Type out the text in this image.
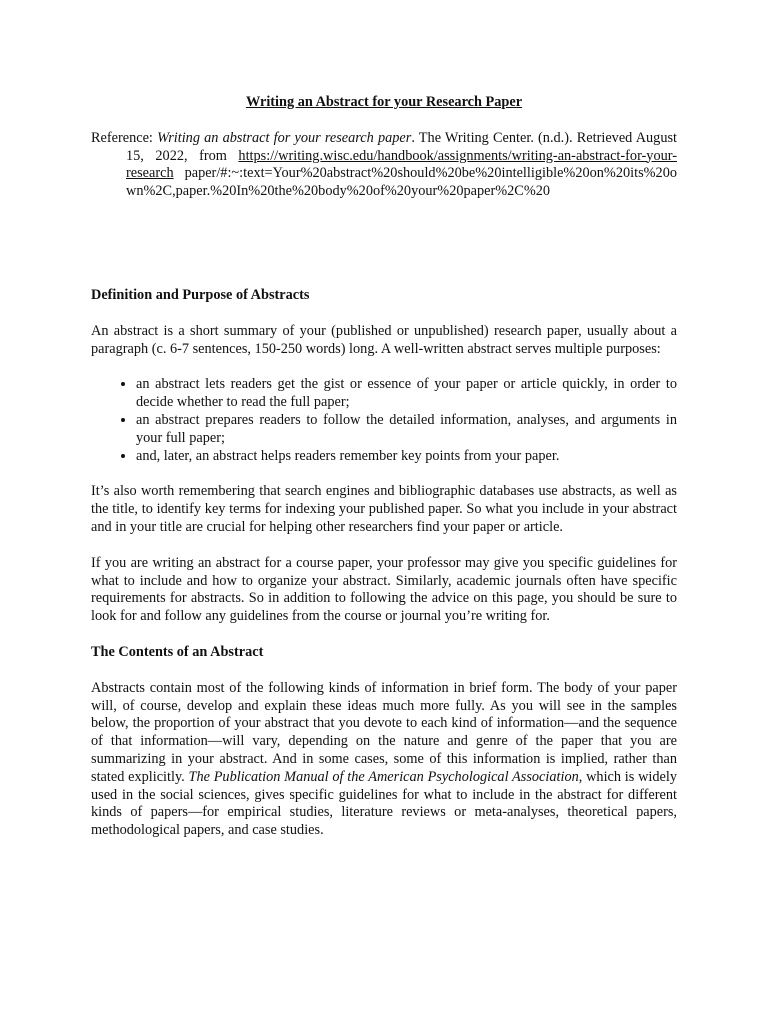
Writing an Abstract for your Research Paper

Reference: Writing an abstract for your research paper. The Writing Center. (n.d.). Retrieved August 15, 2022, from https://writing.wisc.edu/handbook/assignments/writing-an-abstract-for-your-research paper/#:~:text=Your%20abstract%20should%20be%20intelligible%20on%20its%20own%2C,paper.%20In%20the%20body%20of%20your%20paper%2C%20

Definition and Purpose of Abstracts

An abstract is a short summary of your (published or unpublished) research paper, usually about a paragraph (c. 6-7 sentences, 150-250 words) long. A well-written abstract serves multiple purposes:

• an abstract lets readers get the gist or essence of your paper or article quickly, in order to decide whether to read the full paper;
• an abstract prepares readers to follow the detailed information, analyses, and arguments in your full paper;
• and, later, an abstract helps readers remember key points from your paper.

It’s also worth remembering that search engines and bibliographic databases use abstracts, as well as the title, to identify key terms for indexing your published paper. So what you include in your abstract and in your title are crucial for helping other researchers find your paper or article.

If you are writing an abstract for a course paper, your professor may give you specific guidelines for what to include and how to organize your abstract. Similarly, academic journals often have specific requirements for abstracts. So in addition to following the advice on this page, you should be sure to look for and follow any guidelines from the course or journal you’re writing for.

The Contents of an Abstract

Abstracts contain most of the following kinds of information in brief form. The body of your paper will, of course, develop and explain these ideas much more fully. As you will see in the samples below, the proportion of your abstract that you devote to each kind of information—and the sequence of that information—will vary, depending on the nature and genre of the paper that you are summarizing in your abstract. And in some cases, some of this information is implied, rather than stated explicitly. The Publication Manual of the American Psychological Association, which is widely used in the social sciences, gives specific guidelines for what to include in the abstract for different kinds of papers—for empirical studies, literature reviews or meta-analyses, theoretical papers, methodological papers, and case studies.
